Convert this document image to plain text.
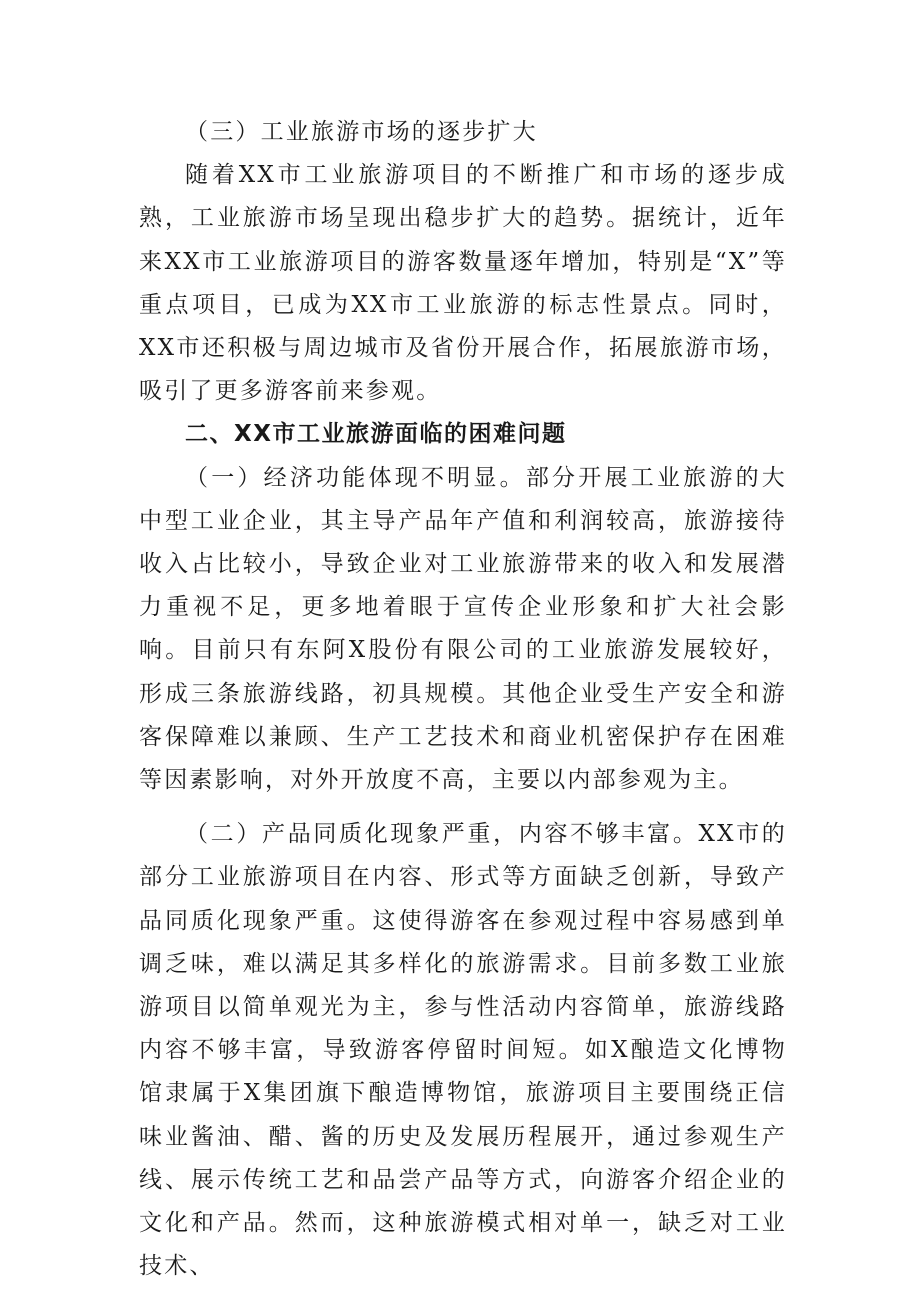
（三）工业旅游市场的逐步扩大

随着XX市工业旅游项目的不断推广和市场的逐步成熟，工业旅游市场呈现出稳步扩大的趋势。据统计，近年来XX市工业旅游项目的游客数量逐年增加，特别是“X”等重点项目，已成为XX市工业旅游的标志性景点。同时，XX市还积极与周边城市及省份开展合作，拓展旅游市场，吸引了更多游客前来参观。

二、XX市工业旅游面临的困难问题

（一）经济功能体现不明显。部分开展工业旅游的大中型工业企业，其主导产品年产值和利润较高，旅游接待收入占比较小，导致企业对工业旅游带来的收入和发展潜力重视不足，更多地着眼于宣传企业形象和扩大社会影响。目前只有东阿X股份有限公司的工业旅游发展较好，形成三条旅游线路，初具规模。其他企业受生产安全和游客保障难以兼顾、生产工艺技术和商业机密保护存在困难等因素影响，对外开放度不高，主要以内部参观为主。

（二）产品同质化现象严重，内容不够丰富。XX市的部分工业旅游项目在内容、形式等方面缺乏创新，导致产品同质化现象严重。这使得游客在参观过程中容易感到单调乏味，难以满足其多样化的旅游需求。目前多数工业旅游项目以简单观光为主，参与性活动内容简单，旅游线路内容不够丰富，导致游客停留时间短。如X酿造文化博物馆隶属于X集团旗下酿造博物馆，旅游项目主要围绕正信味业酱油、醋、酱的历史及发展历程展开，通过参观生产线、展示传统工艺和品尝产品等方式，向游客介绍企业的文化和产品。然而，这种旅游模式相对单一，缺乏对工业技术、
